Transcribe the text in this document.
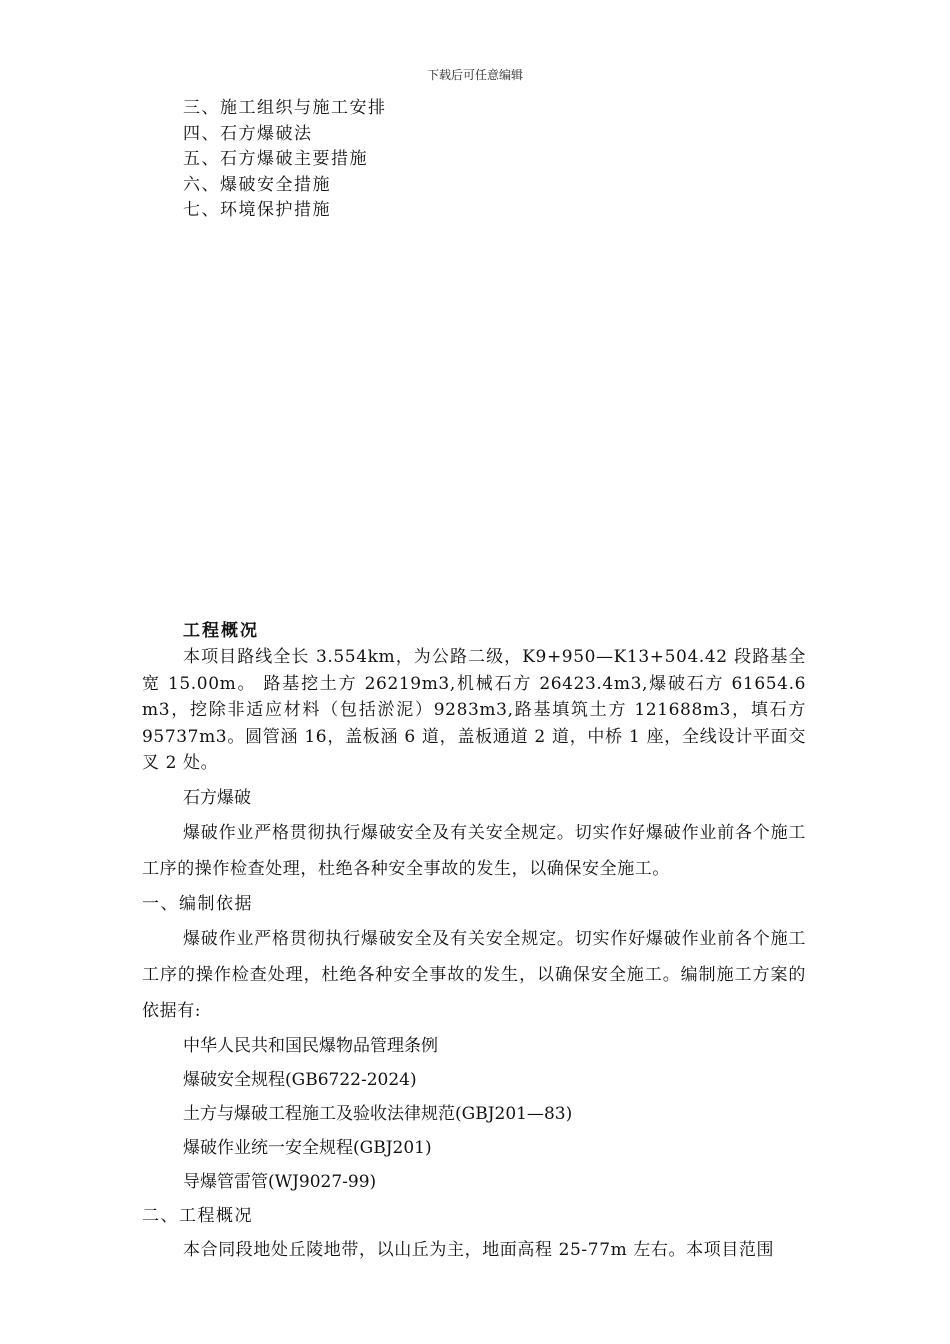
下载后可任意编辑
三、施工组织与施工安排
四、石方爆破法
五、石方爆破主要措施
六、爆破安全措施
七、环境保护措施
工程概况

本项目路线全长 3.554km，为公路二级，K9+950—K13+504.42 段路基全宽 15.00m。 路基挖土方 26219m3,机械石方 26423.4m3,爆破石方 61654.6 m3，挖除非适应材料（包括淤泥）9283m3,路基填筑土方 121688m3，填石方 95737m3。圆管涵 16，盖板涵 6 道，盖板通道 2 道，中桥 1 座，全线设计平面交叉 2 处。

石方爆破

爆破作业严格贯彻执行爆破安全及有关安全规定。切实作好爆破作业前各个施工工序的操作检查处理，杜绝各种安全事故的发生，以确保安全施工。

一、编制依据

爆破作业严格贯彻执行爆破安全及有关安全规定。切实作好爆破作业前各个施工工序的操作检查处理，杜绝各种安全事故的发生，以确保安全施工。编制施工方案的依据有:

中华人民共和国民爆物品管理条例

爆破安全规程(GB6722-2024)

土方与爆破工程施工及验收法律规范(GBJ201—83)

爆破作业统一安全规程(GBJ201)

导爆管雷管(WJ9027-99)

二、工程概况

本合同段地处丘陵地带，以山丘为主，地面高程 25-77m 左右。本项目范围
